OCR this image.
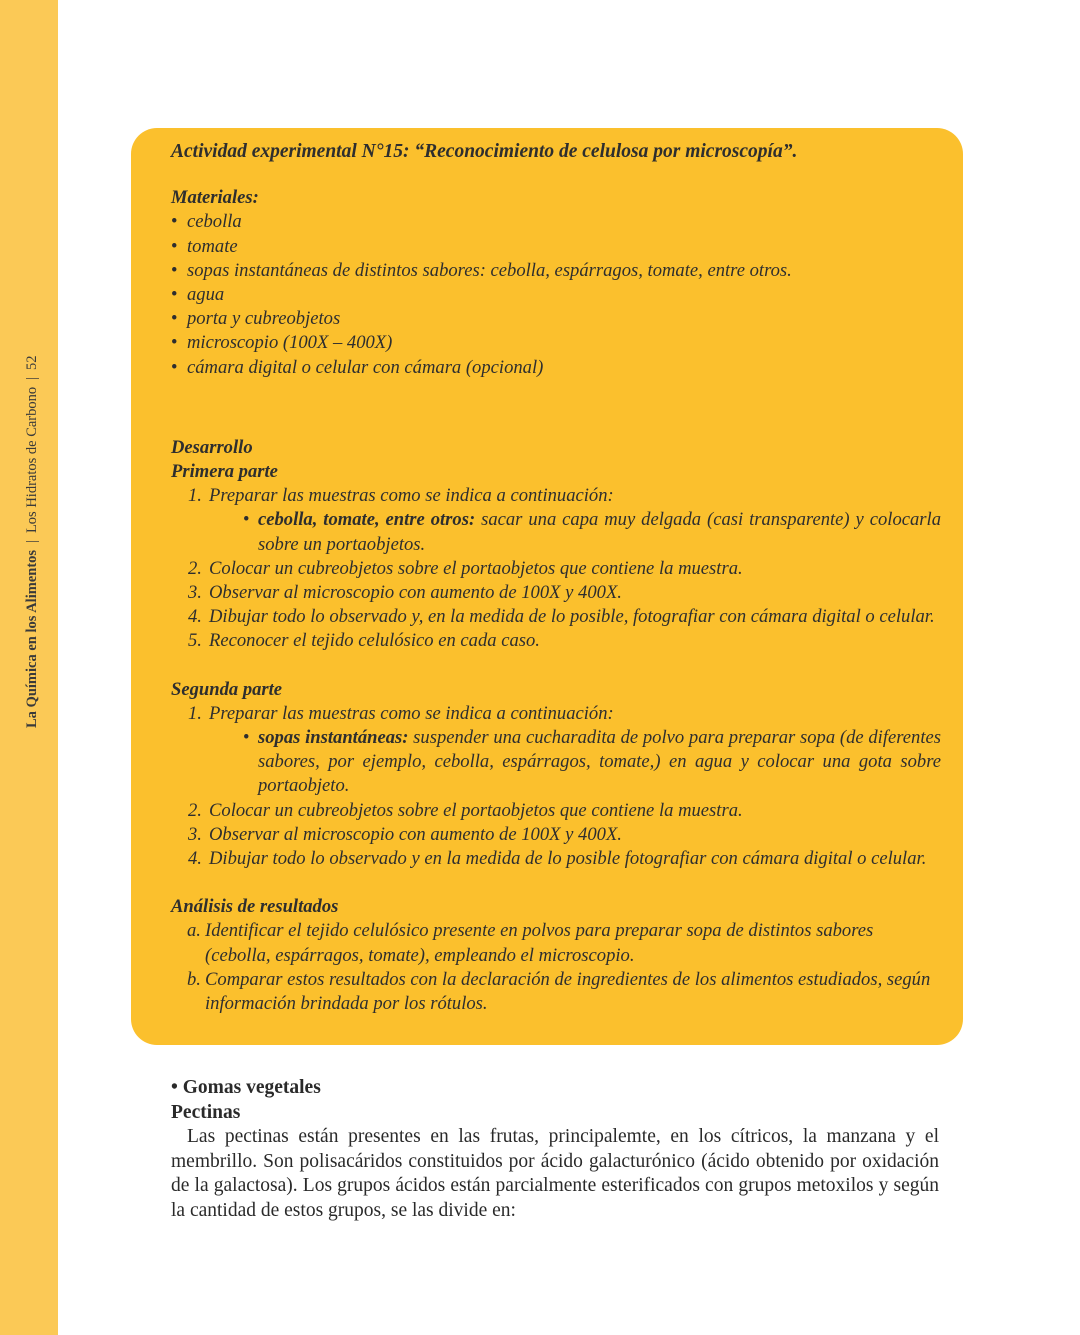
La Química en los Alimentos|Los Hidratos de Carbono|52

Actividad experimental N°15: “Reconocimiento de celulosa por microscopía”.

Materiales:

• cebolla
• tomate
• sopas instantáneas de distintos sabores: cebolla, espárragos, tomate, entre otros.
• agua
• porta y cubreobjetos
• microscopio (100X – 400X)
• cámara digital o celular con cámara (opcional)

Desarrollo

Primera parte

1. Preparar las muestras como se indica a continuación:
• cebolla, tomate, entre otros: sacar una capa muy delgada (casi transparente) y colocarla sobre un portaobjetos.
2. Colocar un cubreobjetos sobre el portaobjetos que contiene la muestra.
3. Observar al microscopio con aumento de 100X y 400X.
4. Dibujar todo lo observado y, en la medida de lo posible, fotografiar con cámara digital o celular.
5. Reconocer el tejido celulósico en cada caso.

Segunda parte

1. Preparar las muestras como se indica a continuación:
• sopas instantáneas: suspender una cucharadita de polvo para preparar sopa (de diferentes sabores, por ejemplo, cebolla, espárragos, tomate,) en agua y colocar una gota sobre portaobjeto.
2. Colocar un cubreobjetos sobre el portaobjetos que contiene la muestra.
3. Observar al microscopio con aumento de 100X y 400X.
4. Dibujar todo lo observado y en la medida de lo posible fotografiar con cámara digital o celular.

Análisis de resultados

a. Identificar el tejido celulósico presente en polvos para preparar sopa de distintos sabores (cebolla, espárragos, tomate), empleando el microscopio.
b. Comparar estos resultados con la declaración de ingredientes de los alimentos estudiados, según información brindada por los rótulos.

• Gomas vegetales

Pectinas

Las pectinas están presentes en las frutas, principalemte, en los cítricos, la manzana y el membrillo. Son polisacáridos constituidos por ácido galacturónico (ácido obtenido por oxidación de la galactosa). Los grupos ácidos están parcialmente esterificados con grupos metoxilos y según la cantidad de estos grupos, se las divide en:
